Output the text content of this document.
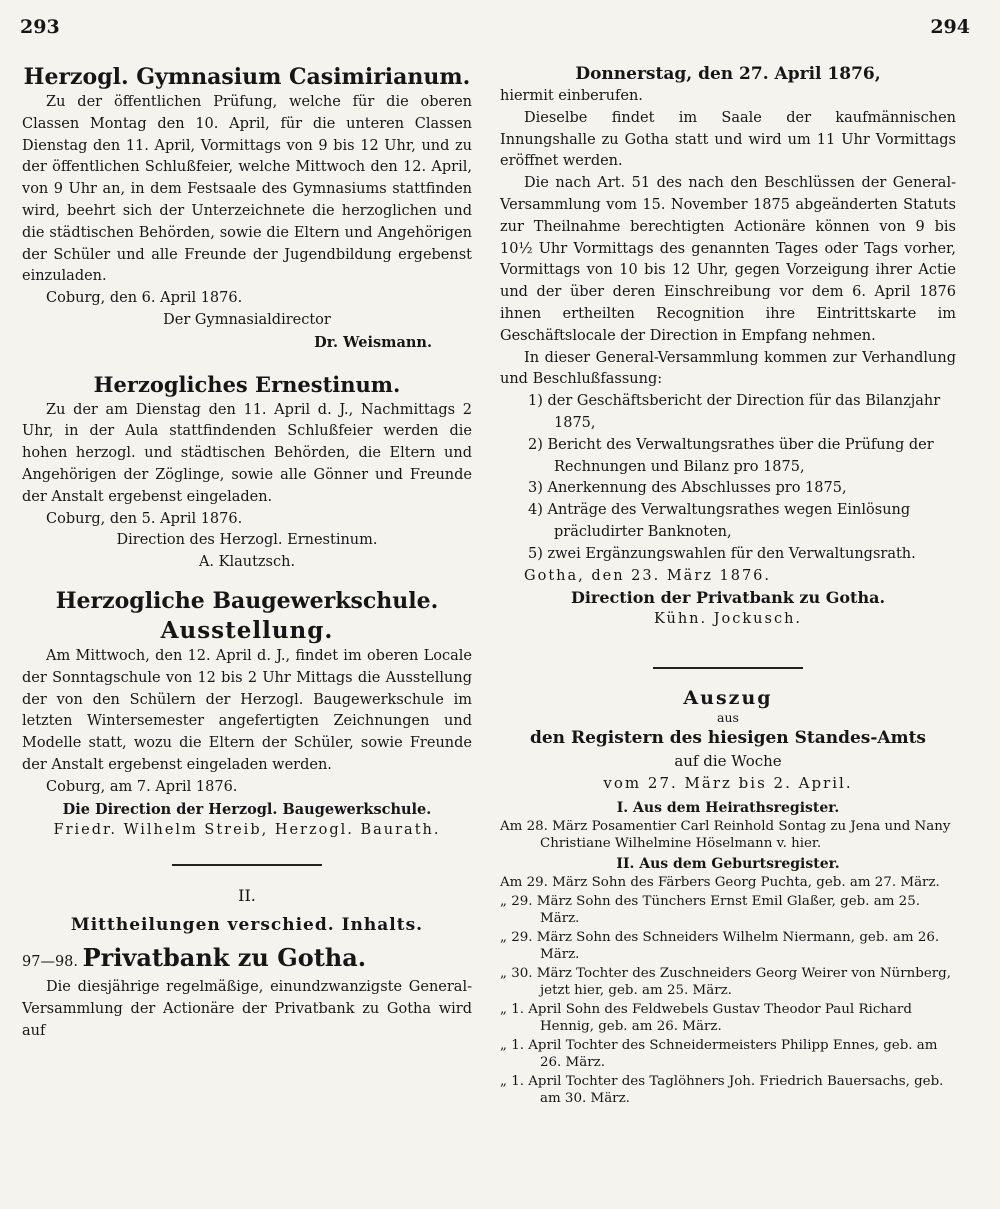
293	294
Herzogl. Gymnasium Casimirianum.

Zu der öffentlichen Prüfung, welche für die oberen Classen Montag den 10. April, für die unteren Classen Dienstag den 11. April, Vormittags von 9 bis 12 Uhr, und zu der öffentlichen Schlußfeier, welche Mittwoch den 12. April, von 9 Uhr an, in dem Festsaale des Gymnasiums stattfinden wird, beehrt sich der Unterzeichnete die herzoglichen und die städtischen Behörden, sowie die Eltern und Angehörigen der Schüler und alle Freunde der Jugendbildung ergebenst einzuladen.

Coburg, den 6. April 1876.

Der Gymnasialdirector

Dr. Weismann.

Herzogliches Ernestinum.

Zu der am Dienstag den 11. April d. J., Nachmittags 2 Uhr, in der Aula stattfindenden Schlußfeier werden die hohen herzogl. und städtischen Behörden, die Eltern und Angehörigen der Zöglinge, sowie alle Gönner und Freunde der Anstalt ergebenst eingeladen.

Coburg, den 5. April 1876.

Direction des Herzogl. Ernestinum.

A. Klautzsch.

Herzogliche Baugewerkschule.
Ausstellung.

Am Mittwoch, den 12. April d. J., findet im oberen Locale der Sonntagschule von 12 bis 2 Uhr Mittags die Ausstellung der von den Schülern der Herzogl. Baugewerkschule im letzten Wintersemester angefertigten Zeichnungen und Modelle statt, wozu die Eltern der Schüler, sowie Freunde der Anstalt ergebenst eingeladen werden.

Coburg, am 7. April 1876.

Die Direction der Herzogl. Baugewerkschule.

Friedr. Wilhelm Streib, Herzogl. Baurath.

II.
Mittheilungen verschied. Inhalts.
97—98. Privatbank zu Gotha.

Die diesjährige regelmäßige, einundzwanzigste General-Versammlung der Actionäre der Privatbank zu Gotha wird auf

Donnerstag, den 27. April 1876,

hiermit einberufen.

Dieselbe findet im Saale der kaufmännischen Innungshalle zu Gotha statt und wird um 11 Uhr Vormittags eröffnet werden.

Die nach Art. 51 des nach den Beschlüssen der General-Versammlung vom 15. November 1875 abgeänderten Statuts zur Theilnahme berechtigten Actionäre können von 9 bis 10½ Uhr Vormittags des genannten Tages oder Tags vorher, Vormittags von 10 bis 12 Uhr, gegen Vorzeigung ihrer Actie und der über deren Einschreibung vor dem 6. April 1876 ihnen ertheilten Recognition ihre Eintrittskarte im Geschäftslocale der Direction in Empfang nehmen.

In dieser General-Versammlung kommen zur Verhandlung und Beschlußfassung:

1) der Geschäftsbericht der Direction für das Bilanzjahr 1875,
2) Bericht des Verwaltungsrathes über die Prüfung der Rechnungen und Bilanz pro 1875,
3) Anerkennung des Abschlusses pro 1875,
4) Anträge des Verwaltungsrathes wegen Einlösung präcludirter Banknoten,
5) zwei Ergänzungswahlen für den Verwaltungsrath.

Gotha, den 23. März 1876.

Direction der Privatbank zu Gotha.

Kühn. Jockusch.

Auszug
aus
den Registern des hiesigen Standes-Amts
auf die Woche
vom 27. März bis 2. April.
I. Aus dem Heirathsregister.
Am 28. März Posamentier Carl Reinhold Sontag zu Jena und Nany Christiane Wilhelmine Höselmann v. hier.
II. Aus dem Geburtsregister.
Am 29. März Sohn des Färbers Georg Puchta, geb. am 27. März.
„ 29. März Sohn des Tünchers Ernst Emil Glaßer, geb. am 25. März.
„ 29. März Sohn des Schneiders Wilhelm Niermann, geb. am 26. März.
„ 30. März Tochter des Zuschneiders Georg Weirer von Nürnberg, jetzt hier, geb. am 25. März.
„ 1. April Sohn des Feldwebels Gustav Theodor Paul Richard Hennig, geb. am 26. März.
„ 1. April Tochter des Schneidermeisters Philipp Ennes, geb. am 26. März.
„ 1. April Tochter des Taglöhners Joh. Friedrich Bauersachs, geb. am 30. März.
